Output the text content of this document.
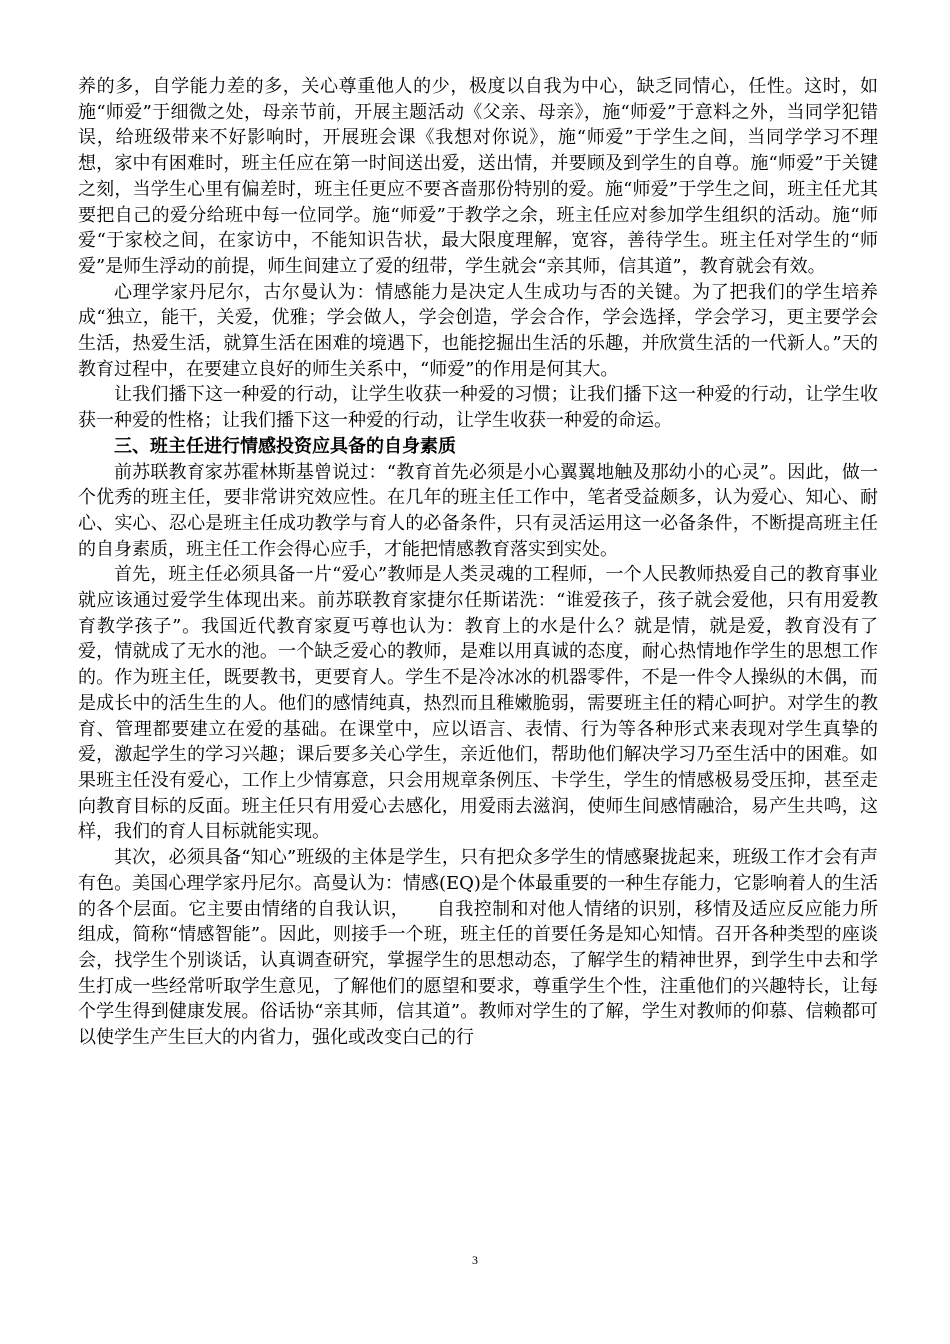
养的多，自学能力差的多，关心尊重他人的少，极度以自我为中心，缺乏同情心，任性。这时，如施“师爱”于细微之处，母亲节前，开展主题活动《父亲、母亲》，施“师爱”于意料之外，当同学犯错误，给班级带来不好影响时，开展班会课《我想对你说》，施“师爱”于学生之间，当同学学习不理想，家中有困难时，班主任应在第一时间送出爱，送出情，并要顾及到学生的自尊。施“师爱”于关键之刻，当学生心里有偏差时，班主任更应不要吝啬那份特别的爱。施“师爱”于学生之间，班主任尤其要把自己的爱分给班中每一位同学。施“师爱”于教学之余，班主任应对参加学生组织的活动。施“师爱“于家校之间，在家访中，不能知识告状，最大限度理解，宽容，善待学生。班主任对学生的“师爱”是师生浮动的前提，师生间建立了爱的纽带，学生就会“亲其师，信其道”，教育就会有效。

心理学家丹尼尔，古尔曼认为：情感能力是决定人生成功与否的关键。为了把我们的学生培养成“独立，能干，关爱，优雅；学会做人，学会创造，学会合作，学会选择，学会学习，更主要学会生活，热爱生活，就算生活在困难的境遇下，也能挖掘出生活的乐趣，并欣赏生活的一代新人。”天的教育过程中，在要建立良好的师生关系中，“师爱”的作用是何其大。

让我们播下这一种爱的行动，让学生收获一种爱的习惯；让我们播下这一种爱的行动，让学生收获一种爱的性格；让我们播下这一种爱的行动，让学生收获一种爱的命运。

三、班主任进行情感投资应具备的自身素质

前苏联教育家苏霍林斯基曾说过：“教育首先必须是小心翼翼地触及那幼小的心灵”。因此，做一个优秀的班主任，要非常讲究效应性。在几年的班主任工作中，笔者受益颇多，认为爱心、知心、耐心、实心、忍心是班主任成功教学与育人的必备条件，只有灵活运用这一必备条件，不断提高班主任的自身素质，班主任工作会得心应手，才能把情感教育落实到实处。

首先，班主任必须具备一片“爱心”教师是人类灵魂的工程师，一个人民教师热爱自己的教育事业就应该通过爱学生体现出来。前苏联教育家捷尔任斯诺洗：“谁爱孩子，孩子就会爱他，只有用爱教育教学孩子”。我国近代教育家夏丐尊也认为：教育上的水是什么？就是情，就是爱，教育没有了爱，情就成了无水的池。一个缺乏爱心的教师，是难以用真诚的态度，耐心热情地作学生的思想工作的。作为班主任，既要教书，更要育人。学生不是冷冰冰的机器零件，不是一件令人操纵的木偶，而是成长中的活生生的人。他们的感情纯真，热烈而且稚嫩脆弱，需要班主任的精心呵护。对学生的教育、管理都要建立在爱的基础。在课堂中，应以语言、表情、行为等各种形式来表现对学生真挚的爱，激起学生的学习兴趣；课后要多关心学生，亲近他们，帮助他们解决学习乃至生活中的困难。如果班主任没有爱心，工作上少情寡意，只会用规章条例压、卡学生，学生的情感极易受压抑，甚至走向教育目标的反面。班主任只有用爱心去感化，用爱雨去滋润，使师生间感情融洽，易产生共鸣，这样，我们的育人目标就能实现。

其次，必须具备“知心”班级的主体是学生，只有把众多学生的情感聚拢起来，班级工作才会有声有色。美国心理学家丹尼尔。高曼认为：情感(EQ)是个体最重要的一种生存能力，它影响着人的生活的各个层面。它主要由情绪的自我认识，　　自我控制和对他人情绪的识别，移情及适应反应能力所组成，简称“情感智能”。因此，则接手一个班，班主任的首要任务是知心知情。召开各种类型的座谈会，找学生个别谈话，认真调查研究，掌握学生的思想动态，了解学生的精神世界，到学生中去和学生打成一些经常听取学生意见，了解他们的愿望和要求，尊重学生个性，注重他们的兴趣特长，让每个学生得到健康发展。俗话协“亲其师，信其道”。教师对学生的了解，学生对教师的仰慕、信赖都可以使学生产生巨大的内省力，强化或改变白己的行

3
